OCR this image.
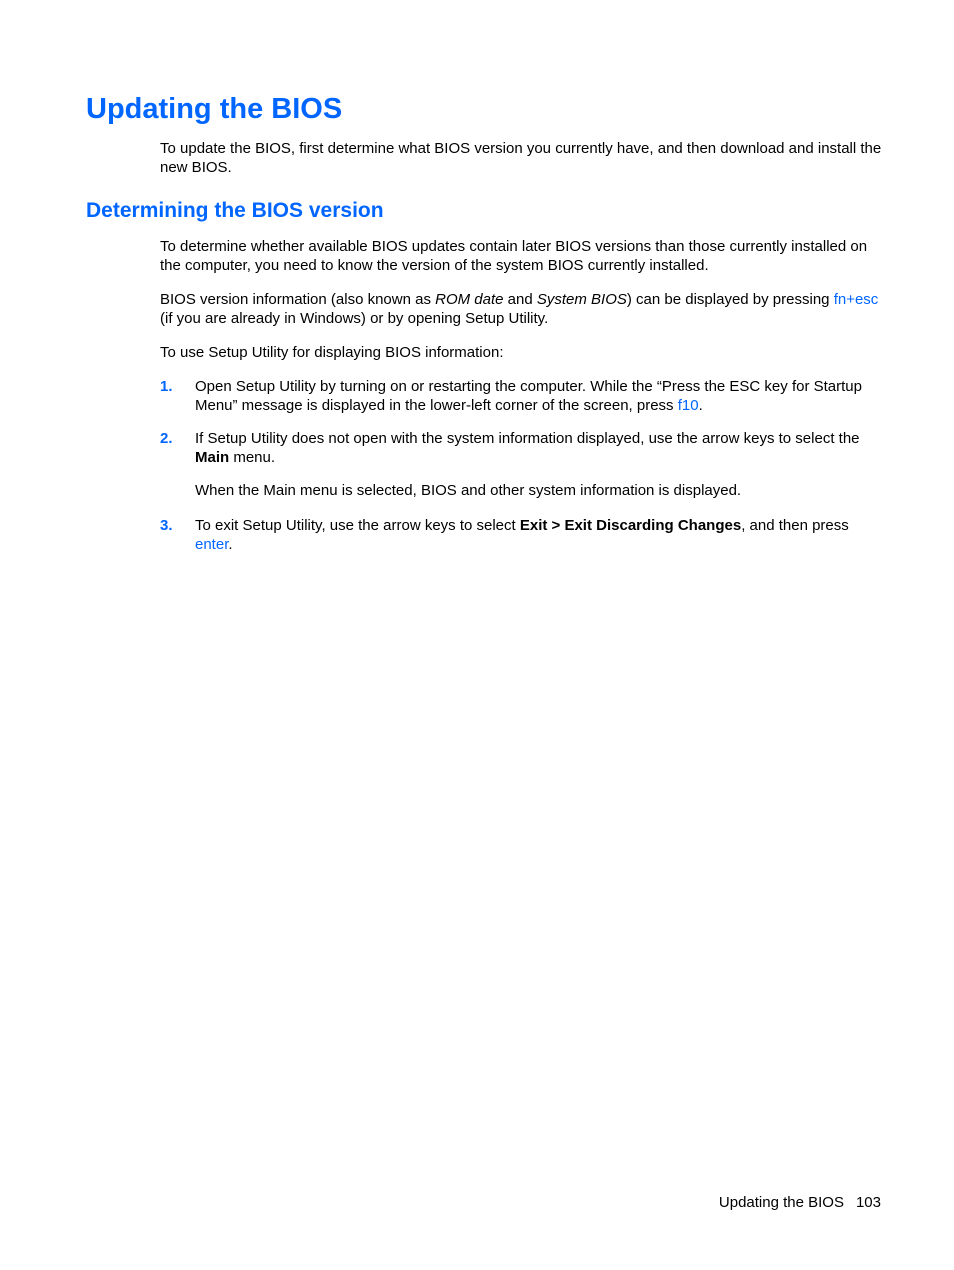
Updating the BIOS

To update the BIOS, first determine what BIOS version you currently have, and then download and install the new BIOS.

Determining the BIOS version

To determine whether available BIOS updates contain later BIOS versions than those currently installed on the computer, you need to know the version of the system BIOS currently installed.

BIOS version information (also known as ROM date and System BIOS) can be displayed by pressing fn+esc (if you are already in Windows) or by opening Setup Utility.

To use Setup Utility for displaying BIOS information:

1. Open Setup Utility by turning on or restarting the computer. While the “Press the ESC key for Startup Menu” message is displayed in the lower-left corner of the screen, press f10.
2. If Setup Utility does not open with the system information displayed, use the arrow keys to select the Main menu.
When the Main menu is selected, BIOS and other system information is displayed.
3. To exit Setup Utility, use the arrow keys to select Exit > Exit Discarding Changes, and then press enter.
Updating the BIOS 103
